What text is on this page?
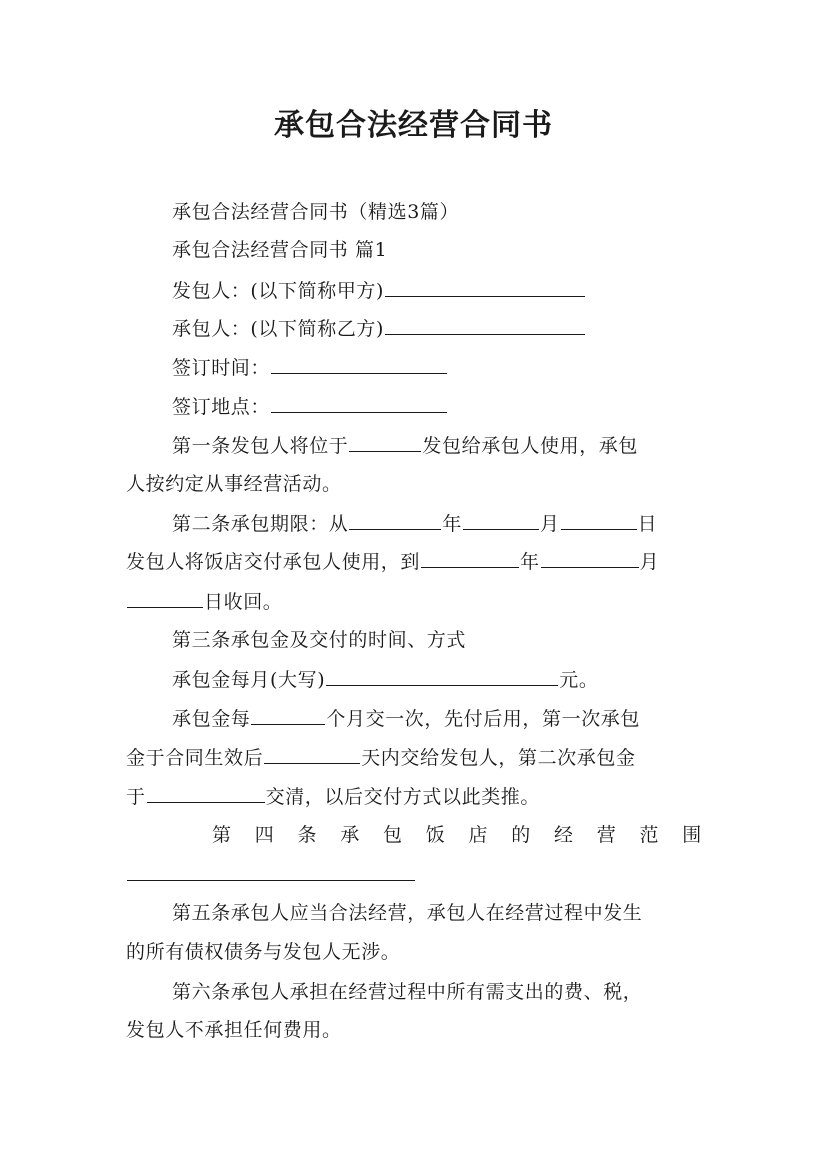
承包合法经营合同书
承包合法经营合同书（精选3篇）
承包合法经营合同书 篇1
发包人：(以下简称甲方)
承包人：(以下简称乙方)
签订时间：
签订地点：
第一条发包人将位于	发包给承包人使用，承包
人按约定从事经营活动。
第二条承包期限：从	年	月	日
发包人将饭店交付承包人使用，到	年	月
日收回。
第三条承包金及交付的时间、方式
承包金每月(大写)	元。
承包金每	个月交一次，先付后用，第一次承包
金于合同生效后	天内交给发包人，第二次承包金
于	交清，以后交付方式以此类推。
第 四 条 承 包 饭 店 的 经 营 范 围
第五条承包人应当合法经营，承包人在经营过程中发生
的所有债权债务与发包人无涉。
第六条承包人承担在经营过程中所有需支出的费、税，
发包人不承担任何费用。
